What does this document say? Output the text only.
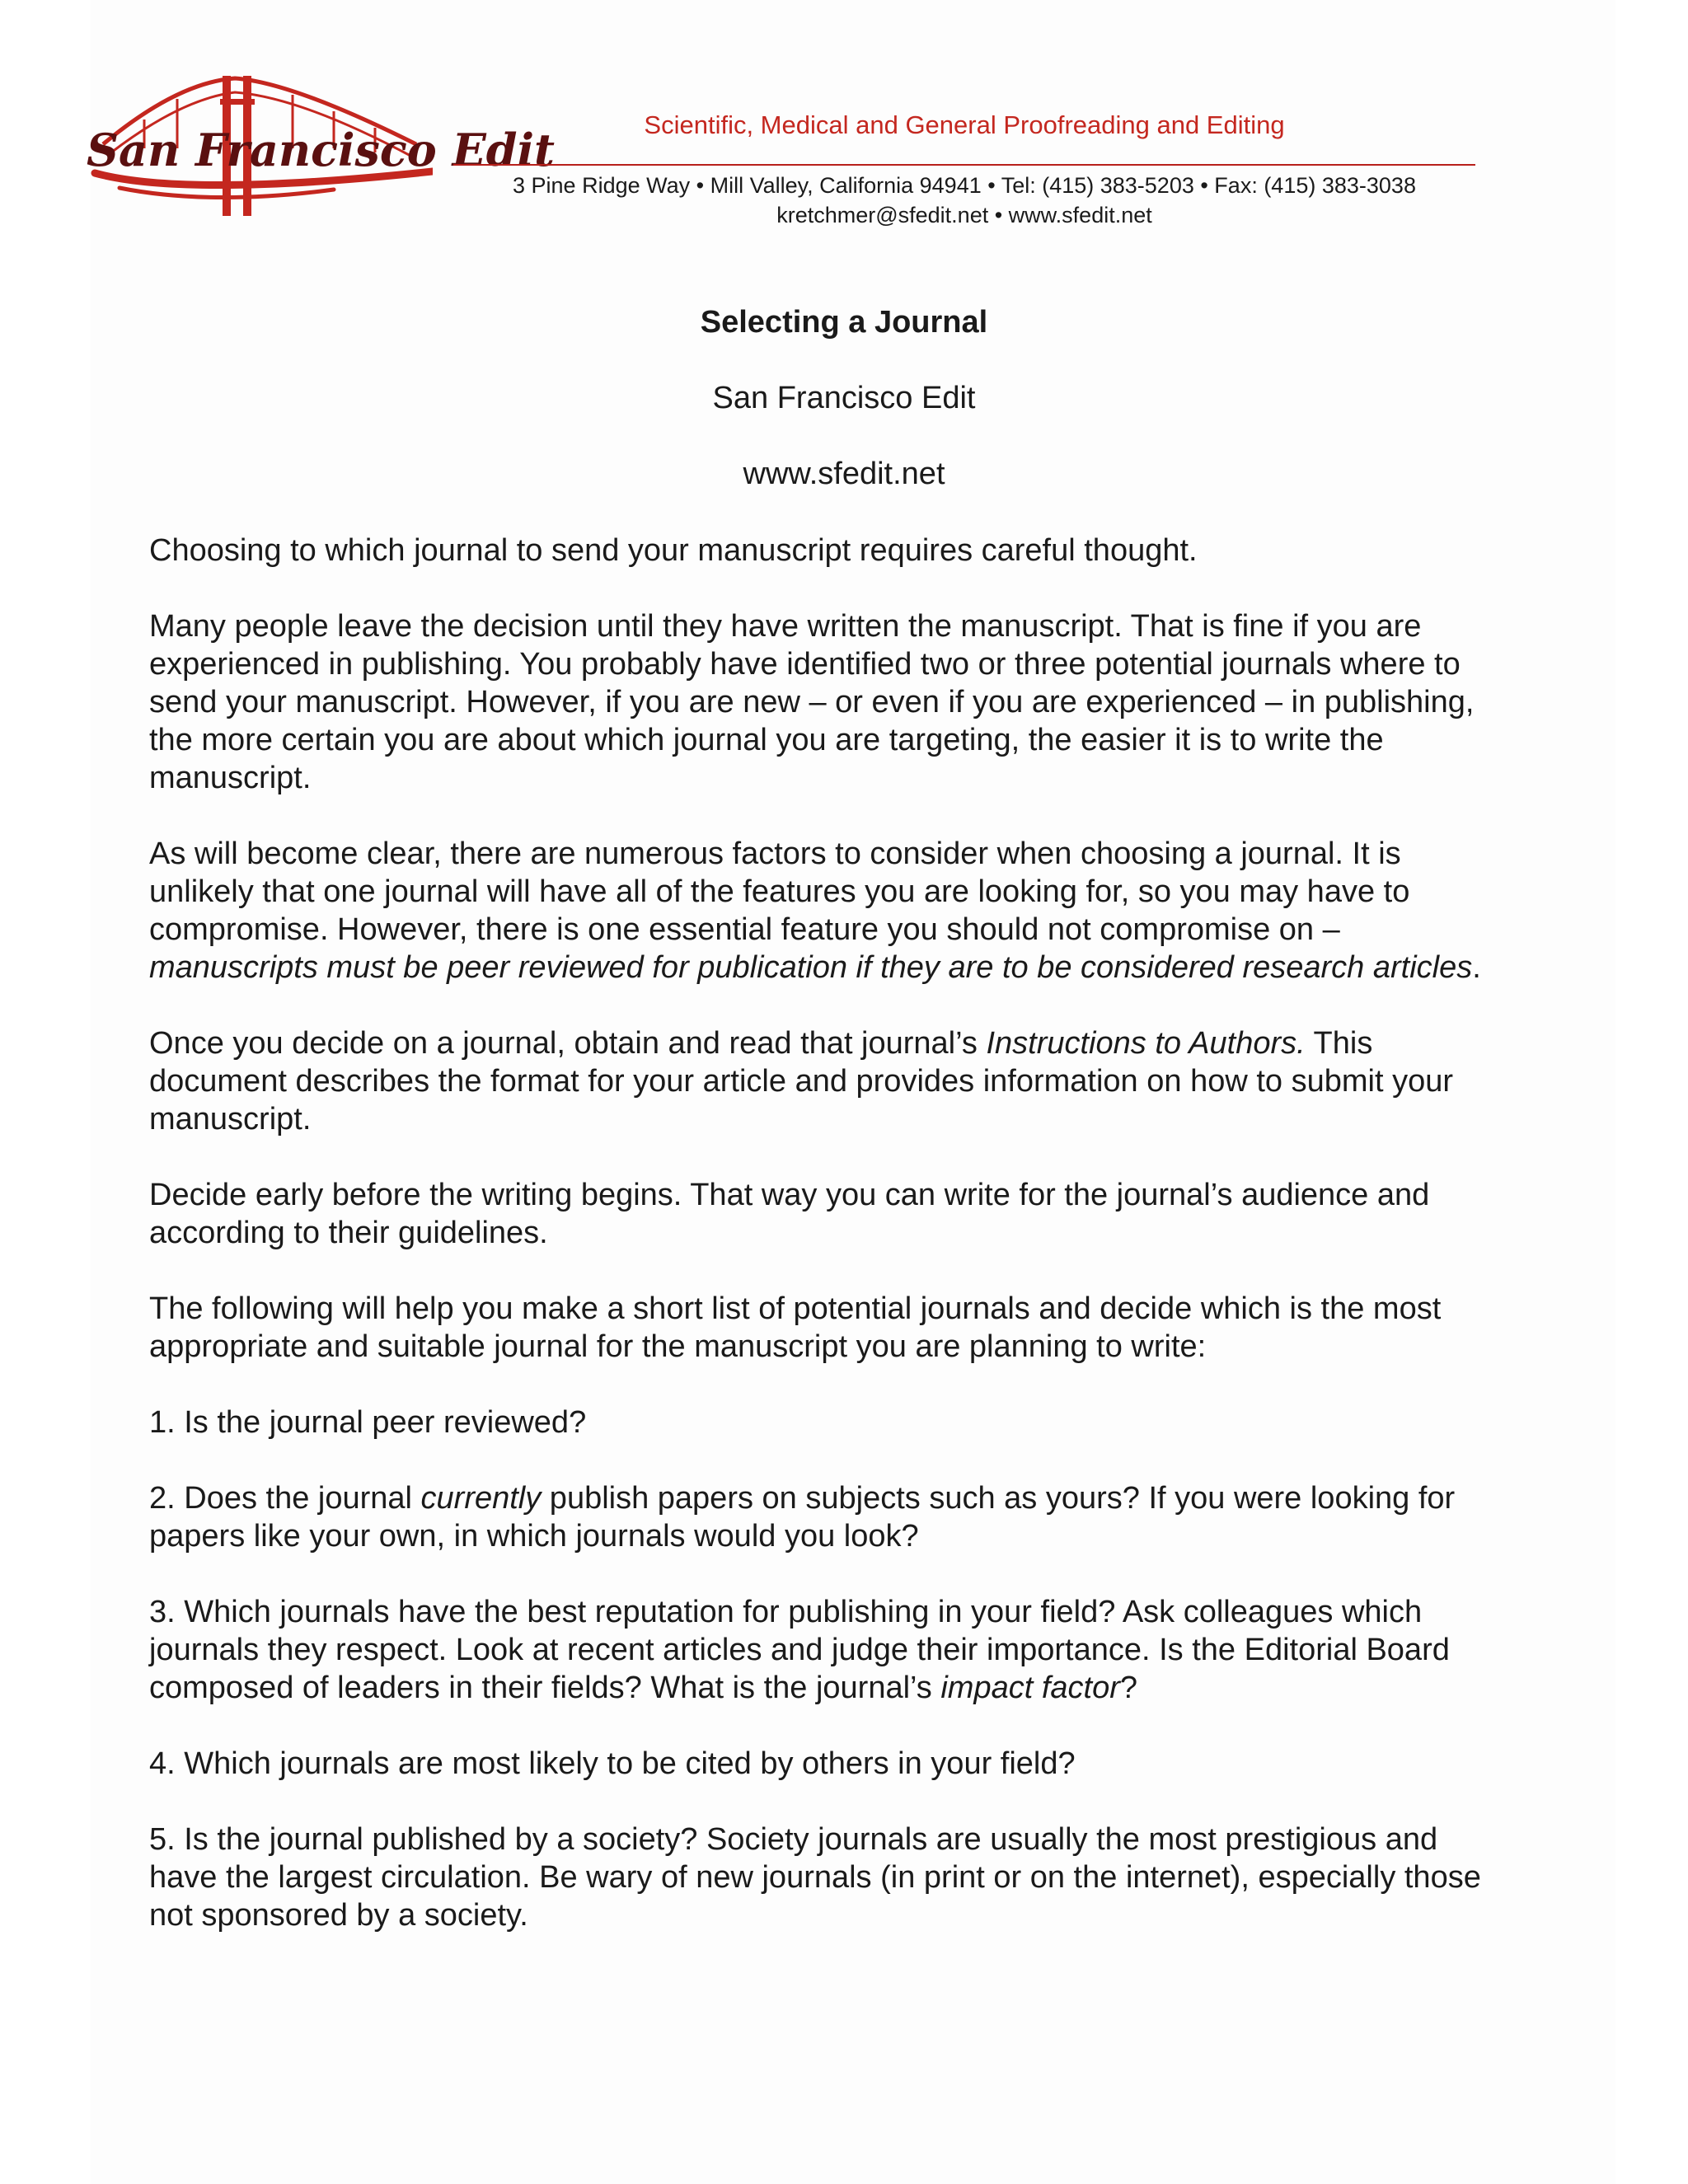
San Francisco Edit	Scientific, Medical and General Proofreading and Editing
3 Pine Ridge Way • Mill Valley, California 94941 • Tel: (415) 383-5203 • Fax: (415) 383-3038
kretchmer@sfedit.net • www.sfedit.net
Selecting a Journal
San Francisco Edit
www.sfedit.net

Choosing to which journal to send your manuscript requires careful thought.

Many people leave the decision until they have written the manuscript. That is fine if you are experienced in publishing. You probably have identified two or three potential journals where to send your manuscript. However, if you are new – or even if you are experienced – in publishing, the more certain you are about which journal you are targeting, the easier it is to write the manuscript.

As will become clear, there are numerous factors to consider when choosing a journal. It is unlikely that one journal will have all of the features you are looking for, so you may have to compromise. However, there is one essential feature you should not compromise on – manuscripts must be peer reviewed for publication if they are to be considered research articles.

Once you decide on a journal, obtain and read that journal’s Instructions to Authors. This document describes the format for your article and provides information on how to submit your manuscript.

Decide early before the writing begins. That way you can write for the journal’s audience and according to their guidelines.

The following will help you make a short list of potential journals and decide which is the most appropriate and suitable journal for the manuscript you are planning to write:

1. Is the journal peer reviewed?

2. Does the journal currently publish papers on subjects such as yours? If you were looking for papers like your own, in which journals would you look?

3. Which journals have the best reputation for publishing in your field? Ask colleagues which journals they respect. Look at recent articles and judge their importance. Is the Editorial Board composed of leaders in their fields? What is the journal’s impact factor?

4. Which journals are most likely to be cited by others in your field?

5. Is the journal published by a society? Society journals are usually the most prestigious and have the largest circulation. Be wary of new journals (in print or on the internet), especially those not sponsored by a society.
